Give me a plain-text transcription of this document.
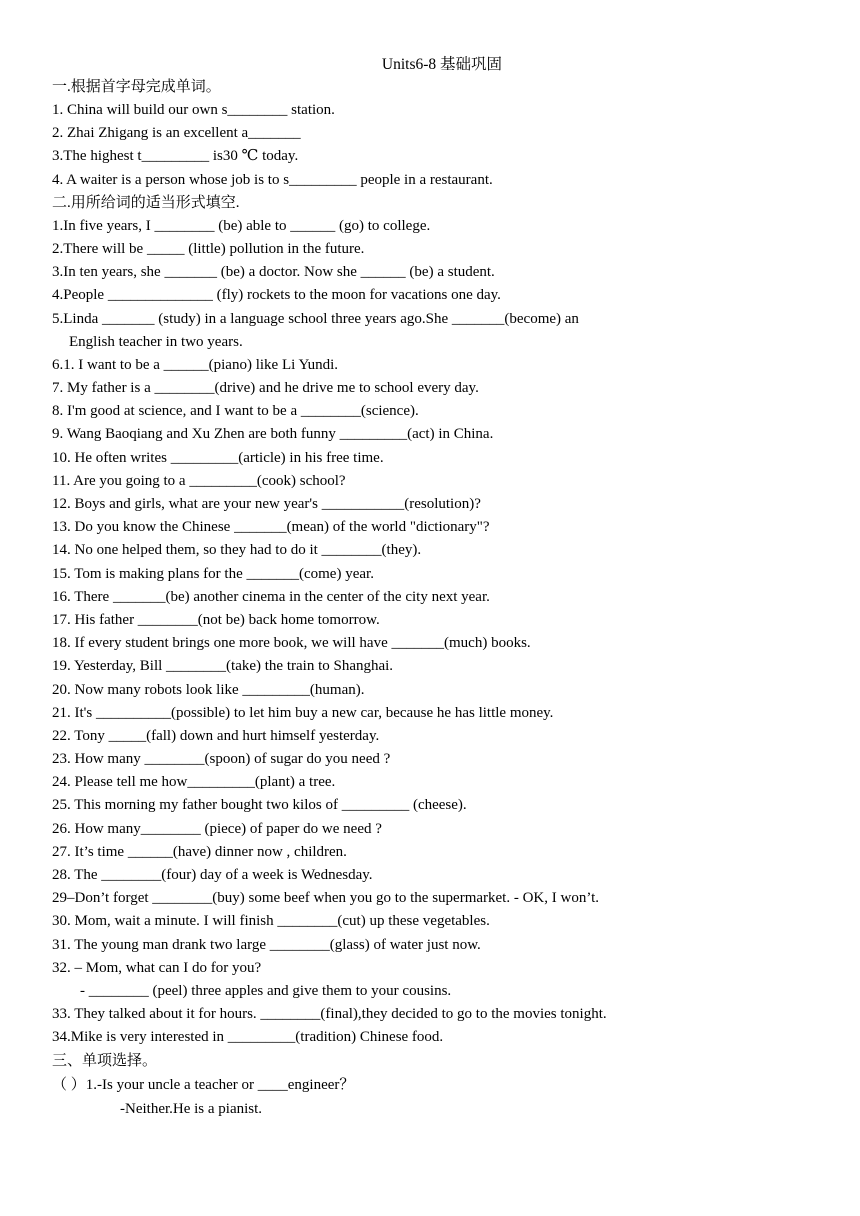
Units6-8 基础巩固
一.根据首字母完成单词。
1. China will build our own s________ station.
2. Zhai Zhigang is an excellent a_______
3.The highest t_________ is30 ℃ today.
4. A waiter is a person whose job is to s_________ people in a restaurant.
二.用所给词的适当形式填空.
1.In five years, I ________ (be) able to ______ (go) to college.
2.There will be _____ (little) pollution in the future.
3.In ten years, she _______ (be) a doctor. Now she ______ (be) a student.
4.People ______________ (fly) rockets to the moon for vacations one day.
5.Linda _______ (study) in a language school three years ago.She _______(become) an
English teacher in two years.
6.1. I want to be a ______(piano) like Li Yundi.
7. My father is a ________(drive) and he drive me to school every day.
8. I'm good at science, and I want to be a ________(science).
9. Wang Baoqiang and Xu Zhen are both funny _________(act) in China.
10. He often writes _________(article) in his free time.
11. Are you going to a _________(cook) school?
12. Boys and girls, what are your new year's ___________(resolution)?
13. Do you know the Chinese _______(mean) of the world "dictionary"?
14. No one helped them, so they had to do it ________(they).
15. Tom is making plans for the _______(come) year.
16. There _______(be) another cinema in the center of the city next year.
17. His father ________(not be) back home tomorrow.
18. If every student brings one more book, we will have _______(much) books.
19. Yesterday, Bill ________(take) the train to Shanghai.
20. Now many robots look like _________(human).
21. It's __________(possible) to let him buy a new car, because he has little money.
22. Tony _____(fall) down and hurt himself yesterday.
23. How many ________(spoon) of sugar do you need ?
24. Please tell me how_________(plant) a tree.
25. This morning my father bought two kilos of _________ (cheese).
26. How many________ (piece) of paper do we need ?
27. It’s time ______(have) dinner now , children.
28. The ________(four) day of a week is Wednesday.
29–Don’t forget ________(buy) some beef when you go to the supermarket. - OK, I won’t.
30. Mom, wait a minute. I will finish ________(cut) up these vegetables.
31. The young man drank two large ________(glass) of water just now.
32. – Mom, what can I do for you?
- ________ (peel) three apples and give them to your cousins.
33. They talked about it for hours. ________(final),they decided to go to the movies tonight.
34.Mike is very interested in _________(tradition) Chinese food.
三、单项选择。
（ ）1.-Is your uncle a teacher or ____engineer？
-Neither.He is a pianist.
